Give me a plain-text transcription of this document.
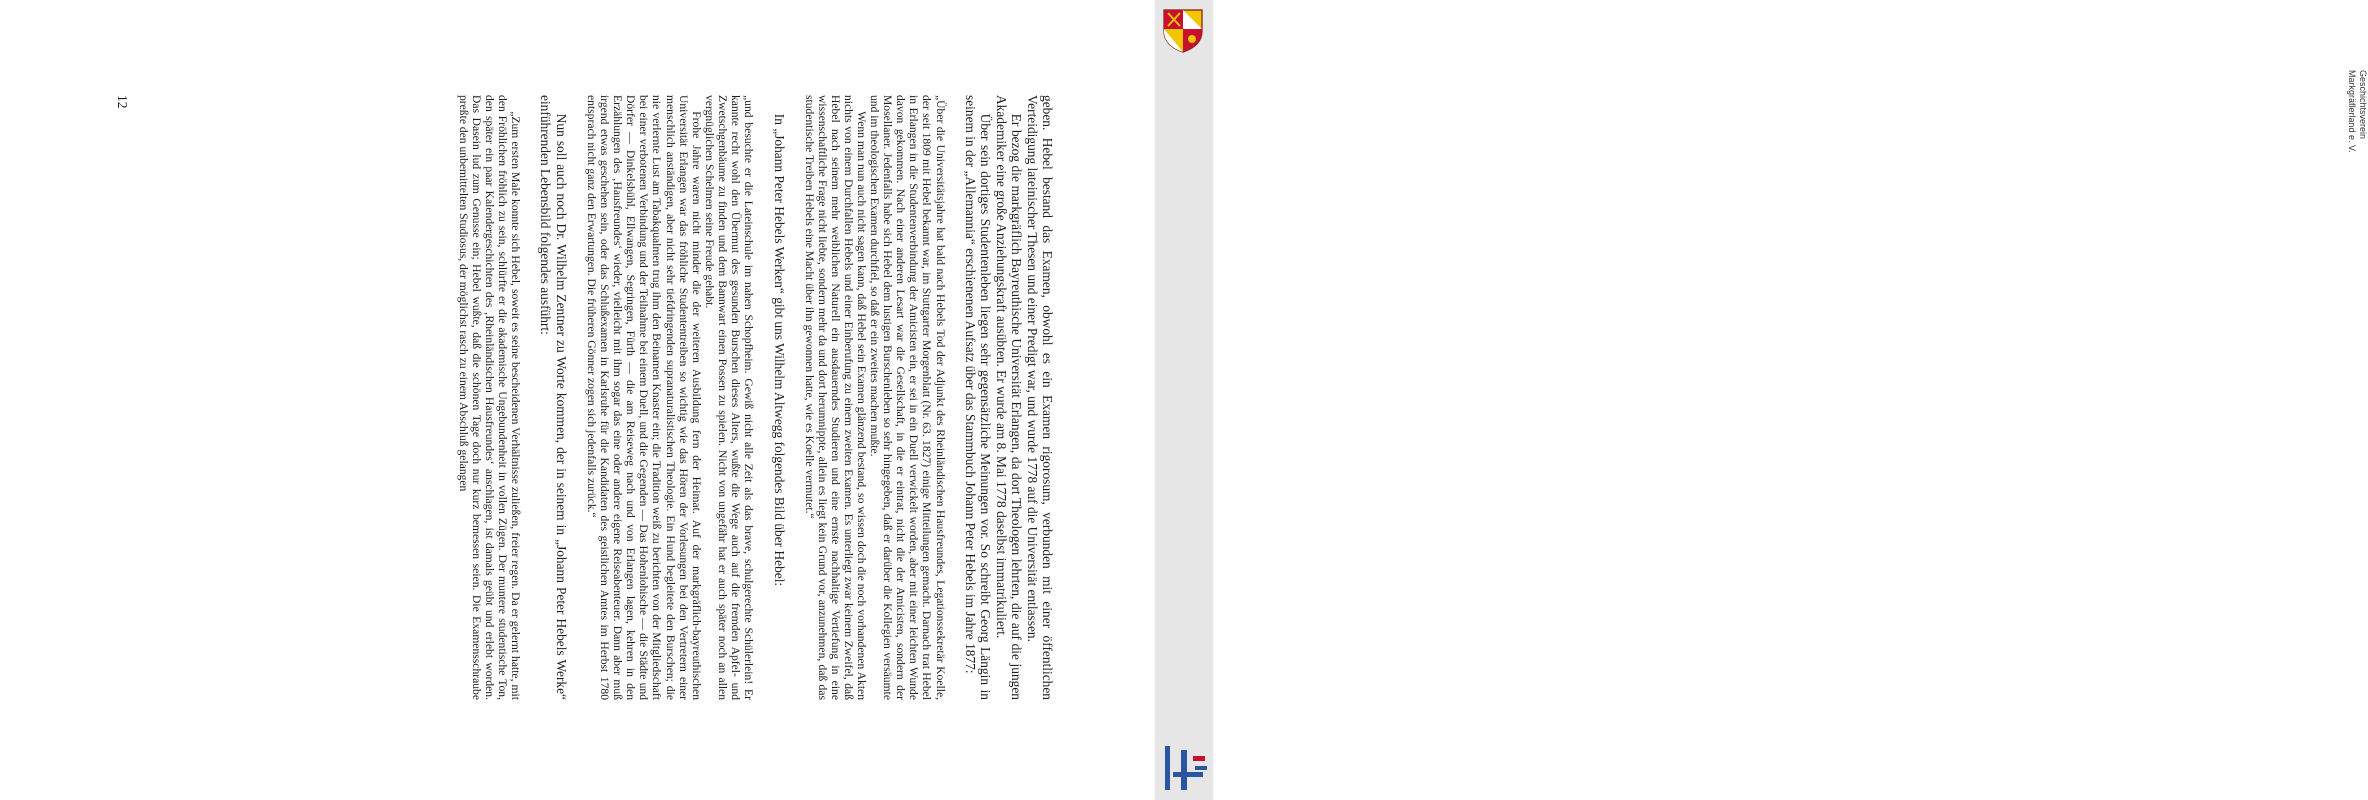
geben. Hebel bestand das Examen, obwohl es ein Examen rigorosum, verbunden mit einer öffentlichen Verteidigung lateinischer Thesen und einer Predigt war, und wurde 1778 auf die Universität entlassen.

Er bezog die markgräflich Bayreuthische Universität Erlangen, da dort Theologen lehrten, die auf die jungen Akademiker eine große Anziehungskraft ausübten. Er wurde am 8. Mai 1778 daselbst immatrikuliert.

Über sein dortiges Studentenleben liegen sehr gegensätzliche Meinungen vor. So schreibt Georg Längin in seinem in der „Allemannia“ erschienenen Aufsatz über das Stammbuch Johann Peter Hebels im Jahre 1877:

„Über die Universitätsjahre hat bald nach Hebels Tod der Adjunkt des Rheinländischen Hausfreundes, Legationssekretär Koelle, der seit 1809 mit Hebel bekannt war, im Stuttgarter Morgenblatt (Nr. 63. 1827) einige Mitteilungen gemacht. Darnach trat Hebel in Erlangen in die Studentenverbindung der Amicisten ein, er sei in ein Duell verwickelt worden, aber mit einer leichten Wunde davon gekommen. Nach einer anderen Lesart war die Gesellschaft, in die er eintrat, nicht die der Amicisten, sondern der Mosellaner. Jedenfalls habe sich Hebel dem lustigen Burschenleben so sehr hingegeben, daß er darüber die Kollegien versäumte und im theologischen Examen durchfiel, so daß er ein zweites machen mußte.

Wenn man nun auch nicht sagen kann, daß Hebel sein Examen glänzend bestand, so wissen doch die noch vorhandenen Akten nichts von einem Durchfallen Hebels und einer Einberufung zu einem zweiten Examen. Es unterliegt zwar keinem Zweifel, daß Hebel nach seinem mehr weiblichen Naturell ein ausdauerndes Studieren und eine ernste nachhaltige Vertiefung in eine wissenschaftliche Frage nicht liebte, sondern mehr da und dort herumnippte, allein es liegt kein Grund vor, anzunehmen, daß das studentische Treiben Hebels eine Macht über ihn gewonnen hatte, wie es Koelle vermutet.“

In „Johann Peter Hebels Werken“ gibt uns Wilhelm Altwegg folgendes Bild über Hebel:

„und besuchte er die Lateinschule im nahen Schopfheim. Gewiß nicht alle Zeit als das brave, schulgerechte Schülerlein! Er kannte recht wohl den Übermut des gesunden Burschen dieses Alters, wußte die Wege auch auf die fremden Apfel- und Zwetschgenbäume zu finden und dem Bannwart einen Possen zu spielen. Nicht von ungefähr hat er auch später noch an allen vergnüglichen Schelmen seine Freude gehabt.

Frohe Jahre waren nicht minder die der weiteren Ausbildung fern der Heimat. Auf der markgräflich-bayreuthischen Universität Erlangen war das fröhliche Studententreiben so wichtig wie das Hören der Vorlesungen bei den Vertretern einer menschlich anständigen, aber nicht sehr tiefdringenden supranaturalistischen Theologie. Ein Hund begleitete den Burschen; die nie verlernte Lust am Tabakqualmen trug ihm den Beinamen Knaster ein; die Tradition weiß zu berichten von der Mitgliedschaft bei einer verbotenen Verbindung und der Teilnahme bei einem Duell, und die Gegenden — Das Hohenlohische — die Städte und Dörfer — Dinkelsbühl, Ellwangen, Segringen, Fürth — die am Reiseweg nach und von Erlangen lagen, kehren in den Erzählungen des ‚Hausfreundes‘ wieder, vielleicht mit ihm sogar das eine oder andere eigene Reiseabenteuer. Dann aber muß irgend etwas geschehen sein, oder das Schlußexamen in Karlsruhe für die Kandidaten des geistlichen Amtes im Herbst 1780 entsprach nicht ganz den Erwartungen. Die früheren Gönner zogen sich jedenfalls zurück.“

Nun soll auch noch Dr. Wilhelm Zentner zu Worte kommen, der in seinem in „Johann Peter Hebels Werke“ einführenden Lebensbild folgendes ausführt:

„Zum ersten Male konnte sich Hebel, soweit es seine bescheidenen Verhältnisse zuließen, freier regen. Da er gelernt hatte, mit den Fröhlichen fröhlich zu sein, schlürfte er die akademische Ungebundenheit in vollen Zügen. Der muntere studentische Ton, den später ein paar Kalendergeschichten des ‚Rheinländischen Hausfreundes‘ anschlagen, ist damals geübt und erlebt worden. Das Dasein lud zum Genusse ein; Hebel wußte, daß die schönen Tage doch nur kurz bemessen seien. Die Examensschraube preßte den unbemittelten Studiosus, der möglichst rasch zu einem Abschluß gelangen

12	Geschichtsverein
Markgräflerland e. V.
